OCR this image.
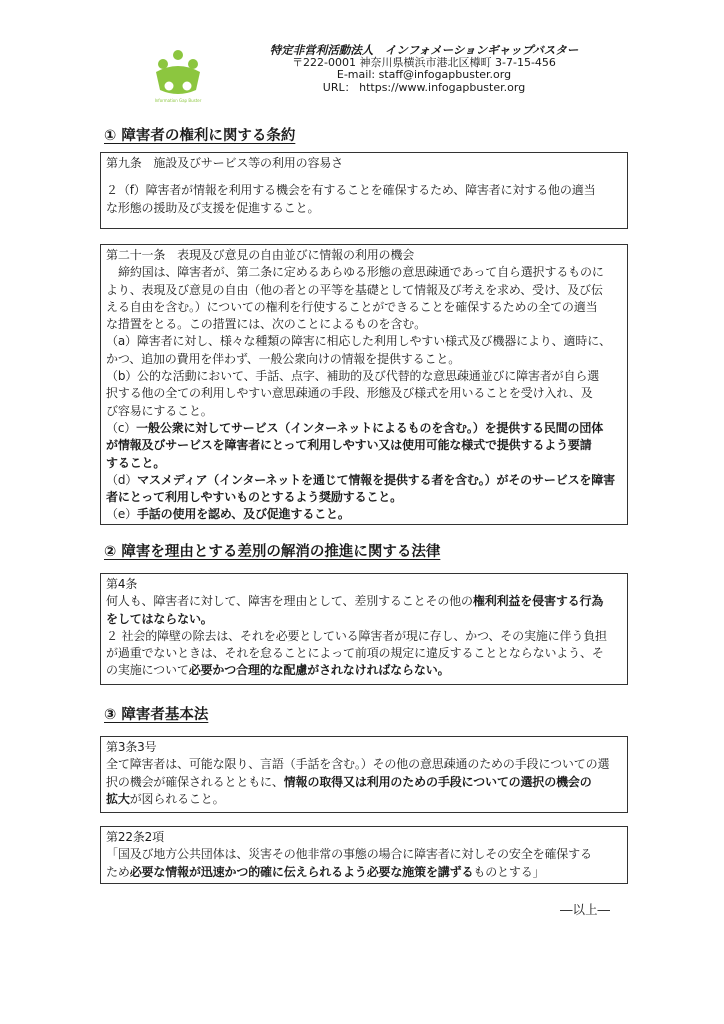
Information Gap Buster
特定非営利活動法人　インフォメーションギャップバスター
〒222-0001 神奈川県横浜市港北区樽町 3-7-15-456
E-mail: staff@infogapbuster.org
URL： https://www.infogapbuster.org
① 障害者の権利に関する条約

第九条　施設及びサービス等の利用の容易さ

２（f）障害者が情報を利用する機会を有することを確保するため、障害者に対する他の適当

な形態の援助及び支援を促進すること。

第二十一条　表現及び意見の自由並びに情報の利用の機会

締約国は、障害者が、第二条に定めるあらゆる形態の意思疎通であって自ら選択するものに

より、表現及び意見の自由（他の者との平等を基礎として情報及び考えを求め、受け、及び伝

える自由を含む。）についての権利を行使することができることを確保するための全ての適当

な措置をとる。この措置には、次のことによるものを含む。

（a）障害者に対し、様々な種類の障害に相応した利用しやすい様式及び機器により、適時に、

かつ、追加の費用を伴わず、一般公衆向けの情報を提供すること。

（b）公的な活動において、手話、点字、補助的及び代替的な意思疎通並びに障害者が自ら選

択する他の全ての利用しやすい意思疎通の手段、形態及び様式を用いることを受け入れ、及

び容易にすること。

（c）一般公衆に対してサービス（インターネットによるものを含む。）を提供する民間の団体

が情報及びサービスを障害者にとって利用しやすい又は使用可能な様式で提供するよう要請

すること。

（d）マスメディア（インターネットを通じて情報を提供する者を含む。）がそのサービスを障害

者にとって利用しやすいものとするよう奨励すること。

（e）手話の使用を認め、及び促進すること。

② 障害を理由とする差別の解消の推進に関する法律

第4条

何人も、障害者に対して、障害を理由として、差別することその他の権利利益を侵害する行為

をしてはならない。

２ 社会的障壁の除去は、それを必要としている障害者が現に存し、かつ、その実施に伴う負担

が過重でないときは、それを怠ることによって前項の規定に違反することとならないよう、そ

の実施について必要かつ合理的な配慮がされなければならない。

③ 障害者基本法

第3条3号

全て障害者は、可能な限り、言語（手話を含む。）その他の意思疎通のための手段についての選

択の機会が確保されるとともに、情報の取得又は利用のための手段についての選択の機会の

拡大が図られること。

第22条2項

「国及び地方公共団体は、災害その他非常の事態の場合に障害者に対しその安全を確保する

ため必要な情報が迅速かつ的確に伝えられるよう必要な施策を講ずるものとする」

―以上―
